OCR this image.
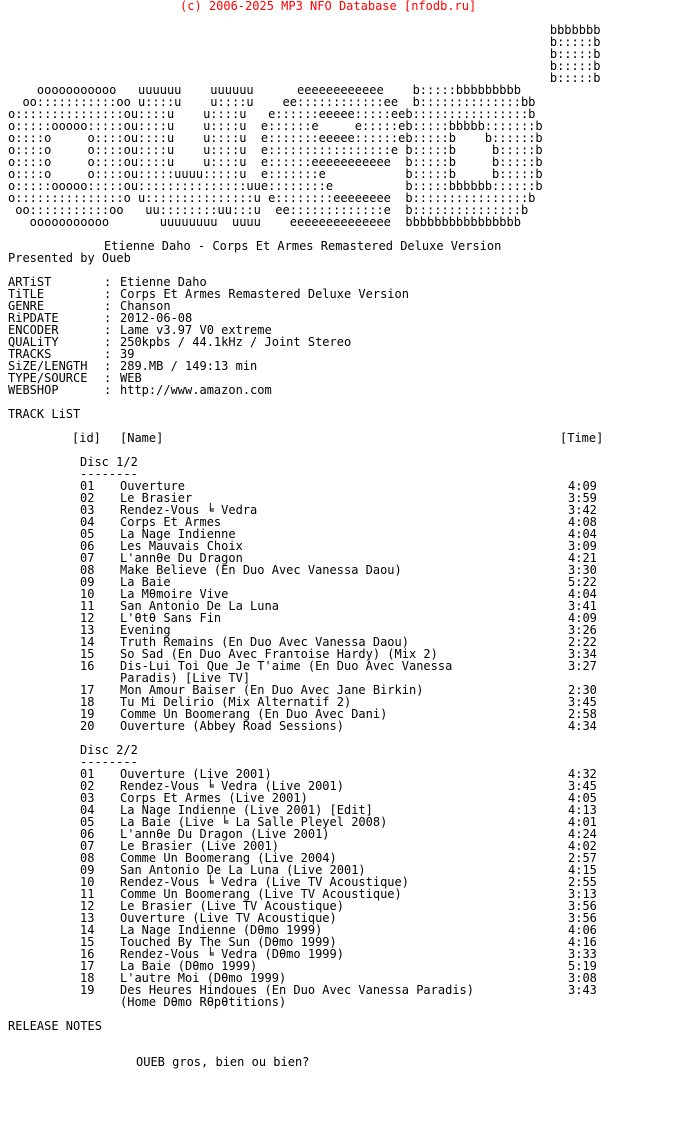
(c) 2006-2025 MP3 NFO Database [nfodb.ru]
bbbbbbb
b:::::b
b:::::b
b:::::b
b:::::b
ooooooooooo   uuuuuu    uuuuuu      eeeeeeeeeeee    b:::::bbbbbbbbb
oo:::::::::::oo u::::u    u::::u    ee::::::::::::ee  b::::::::::::::bb
o:::::::::::::::ou::::u    u::::u   e::::::eeeee:::::eeb::::::::::::::::b
o:::::ooooo:::::ou::::u    u::::u  e::::::e     e:::::eb:::::bbbbb:::::::b
o::::o     o::::ou::::u    u::::u  e:::::::eeeee::::::eb:::::b    b::::::b
o::::o     o::::ou::::u    u::::u  e:::::::::::::::::e b:::::b     b:::::b
o::::o     o::::ou::::u    u::::u  e::::::eeeeeeeeeee  b:::::b     b:::::b
o::::o     o::::ou:::::uuuu:::::u  e:::::::e           b:::::b     b:::::b
o:::::ooooo:::::ou:::::::::::::::uue::::::::e          b:::::bbbbbb::::::b
o:::::::::::::::o u:::::::::::::::u e::::::::eeeeeeee  b::::::::::::::::b
oo:::::::::::oo   uu::::::::uu:::u  ee:::::::::::::e  b:::::::::::::::b
ooooooooooo       uuuuuuuu  uuuu    eeeeeeeeeeeeee  bbbbbbbbbbbbbbbb
Etienne Daho - Corps Et Armes Remastered Deluxe Version
Presented by Oueb
ARTiST	: Etienne Daho
TiTLE	: Corps Et Armes Remastered Deluxe Version
GENRE	: Chanson
RiPDATE	: 2012-06-08
ENCODER	: Lame v3.97 V0 extreme
QUALiTY	: 250kpbs / 44.1kHz / Joint Stereo
TRACKS	: 39
SiZE/LENGTH : 289.MB / 149:13 min
TYPE/SOURCE : WEB
WEBSHOP	: http://www.amazon.com
TRACK LiST
[id] [Name]	[Time]
Disc 1/2
--------
01 Ouverture	4:09
02 Le Brasier	3:59
03 Rendez-Vous ╘ Vedra	3:42
04 Corps Et Armes	4:08
05 La Nage Indienne	4:04
06 Les Mauvais Choix	3:09
07 L'annθe Du Dragon	4:21
08 Make Believe (En Duo Avec Vanessa Daou)	3:30
09 La Baie	5:22
10 La Mθmoire Vive	4:04
11 San Antonio De La Luna	3:41
12 L'θtθ Sans Fin	4:09
13 Evening	3:26
14 Truth Remains (En Duo Avec Vanessa Daou)	2:22
15 So Sad (En Duo Avec Franτoise Hardy) (Mix 2)	3:34
16 Dis-Lui Toi Que Je T'aime (En Duo Avec Vanessa	3:27
Paradis) [Live TV]
17 Mon Amour Baiser (En Duo Avec Jane Birkin)	2:30
18 Tu Mi Delirio (Mix Alternatif 2)	3:45
19 Comme Un Boomerang (En Duo Avec Dani)	2:58
20 Ouverture (Abbey Road Sessions)	4:34
Disc 2/2
--------
01 Ouverture (Live 2001)	4:32
02 Rendez-Vous ╘ Vedra (Live 2001)	3:45
03 Corps Et Armes (Live 2001)	4:05
04 La Nage Indienne (Live 2001) [Edit]	4:13
05 La Baie (Live ╘ La Salle Pleyel 2008)	4:01
06 L'annθe Du Dragon (Live 2001)	4:24
07 Le Brasier (Live 2001)	4:02
08 Comme Un Boomerang (Live 2004)	2:57
09 San Antonio De La Luna (Live 2001)	4:15
10 Rendez-Vous ╘ Vedra (Live TV Acoustique)	2:55
11 Comme Un Boomerang (Live TV Acoustique)	3:13
12 Le Brasier (Live TV Acoustique)	3:56
13 Ouverture (Live TV Acoustique)	3:56
14 La Nage Indienne (Dθmo 1999)	4:06
15 Touched By The Sun (Dθmo 1999)	4:16
16 Rendez-Vous ╘ Vedra (Dθmo 1999)	3:33
17 La Baie (Dθmo 1999)	5:19
18 L'autre Moi (Dθmo 1999)	3:08
19 Des Heures Hindoues (En Duo Avec Vanessa Paradis)	3:43
(Home Dθmo Rθpθtitions)
RELEASE NOTES
OUEB gros, bien ou bien?
